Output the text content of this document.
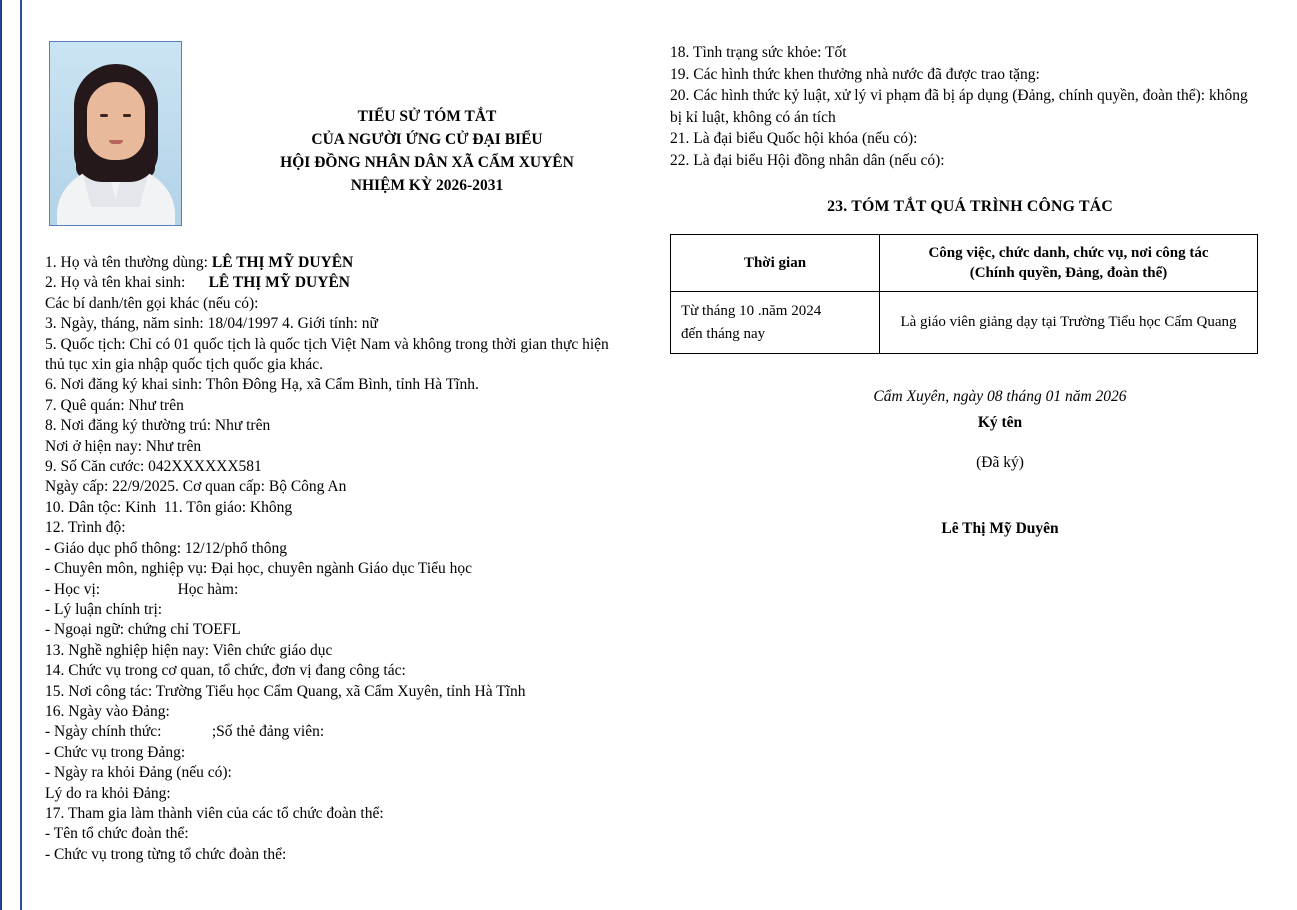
TIỂU SỬ TÓM TẮT
CỦA NGƯỜI ỨNG CỬ ĐẠI BIỂU
HỘI ĐỒNG NHÂN DÂN XÃ CẨM XUYÊN
NHIỆM KỲ 2026-2031
1. Họ và tên thường dùng: LÊ THỊ MỸ DUYÊN
2. Họ và tên khai sinh:      LÊ THỊ MỸ DUYÊN
Các bí danh/tên gọi khác (nếu có):
3. Ngày, tháng, năm sinh: 18/04/1997 4. Giới tính: nữ
5. Quốc tịch: Chỉ có 01 quốc tịch là quốc tịch Việt Nam và không trong thời gian thực hiện
thủ tục xin gia nhập quốc tịch quốc gia khác.
6. Nơi đăng ký khai sinh: Thôn Đông Hạ, xã Cẩm Bình, tỉnh Hà Tĩnh.
7. Quê quán: Như trên
8. Nơi đăng ký thường trú: Như trên
Nơi ở hiện nay: Như trên
9. Số Căn cước: 042XXXXXX581
Ngày cấp: 22/9/2025. Cơ quan cấp: Bộ Công An
10. Dân tộc: Kinh  11. Tôn giáo: Không
12. Trình độ:
- Giáo dục phổ thông: 12/12/phổ thông
- Chuyên môn, nghiệp vụ: Đại học, chuyên ngành Giáo dục Tiểu học
- Học vị:                    Học hàm:
- Lý luận chính trị:
- Ngoại ngữ: chứng chỉ TOEFL
13. Nghề nghiệp hiện nay: Viên chức giáo dục
14. Chức vụ trong cơ quan, tổ chức, đơn vị đang công tác:
15. Nơi công tác: Trường Tiểu học Cẩm Quang, xã Cẩm Xuyên, tỉnh Hà Tĩnh
16. Ngày vào Đảng:
- Ngày chính thức:             ;Số thẻ đảng viên:
- Chức vụ trong Đảng:
- Ngày ra khỏi Đảng (nếu có):
Lý do ra khỏi Đảng:
17. Tham gia làm thành viên của các tổ chức đoàn thể:
- Tên tổ chức đoàn thể:
- Chức vụ trong từng tổ chức đoàn thể:
18. Tình trạng sức khỏe: Tốt
19. Các hình thức khen thưởng nhà nước đã được trao tặng:
20. Các hình thức kỷ luật, xử lý vi phạm đã bị áp dụng (Đảng, chính quyền, đoàn thể): không
bị kỉ luật, không có án tích
21. Là đại biểu Quốc hội khóa (nếu có):
22. Là đại biểu Hội đồng nhân dân (nếu có):
23. TÓM TẮT QUÁ TRÌNH CÔNG TÁC
Thời gian	Công việc, chức danh, chức vụ, nơi công tác
(Chính quyền, Đảng, đoàn thể)

Từ tháng 10 .năm 2024
đến tháng nay	Là giáo viên giảng dạy tại Trường Tiểu học Cẩm Quang
Cẩm Xuyên, ngày 08 tháng 01 năm 2026
Ký tên
(Đã ký)
Lê Thị Mỹ Duyên
